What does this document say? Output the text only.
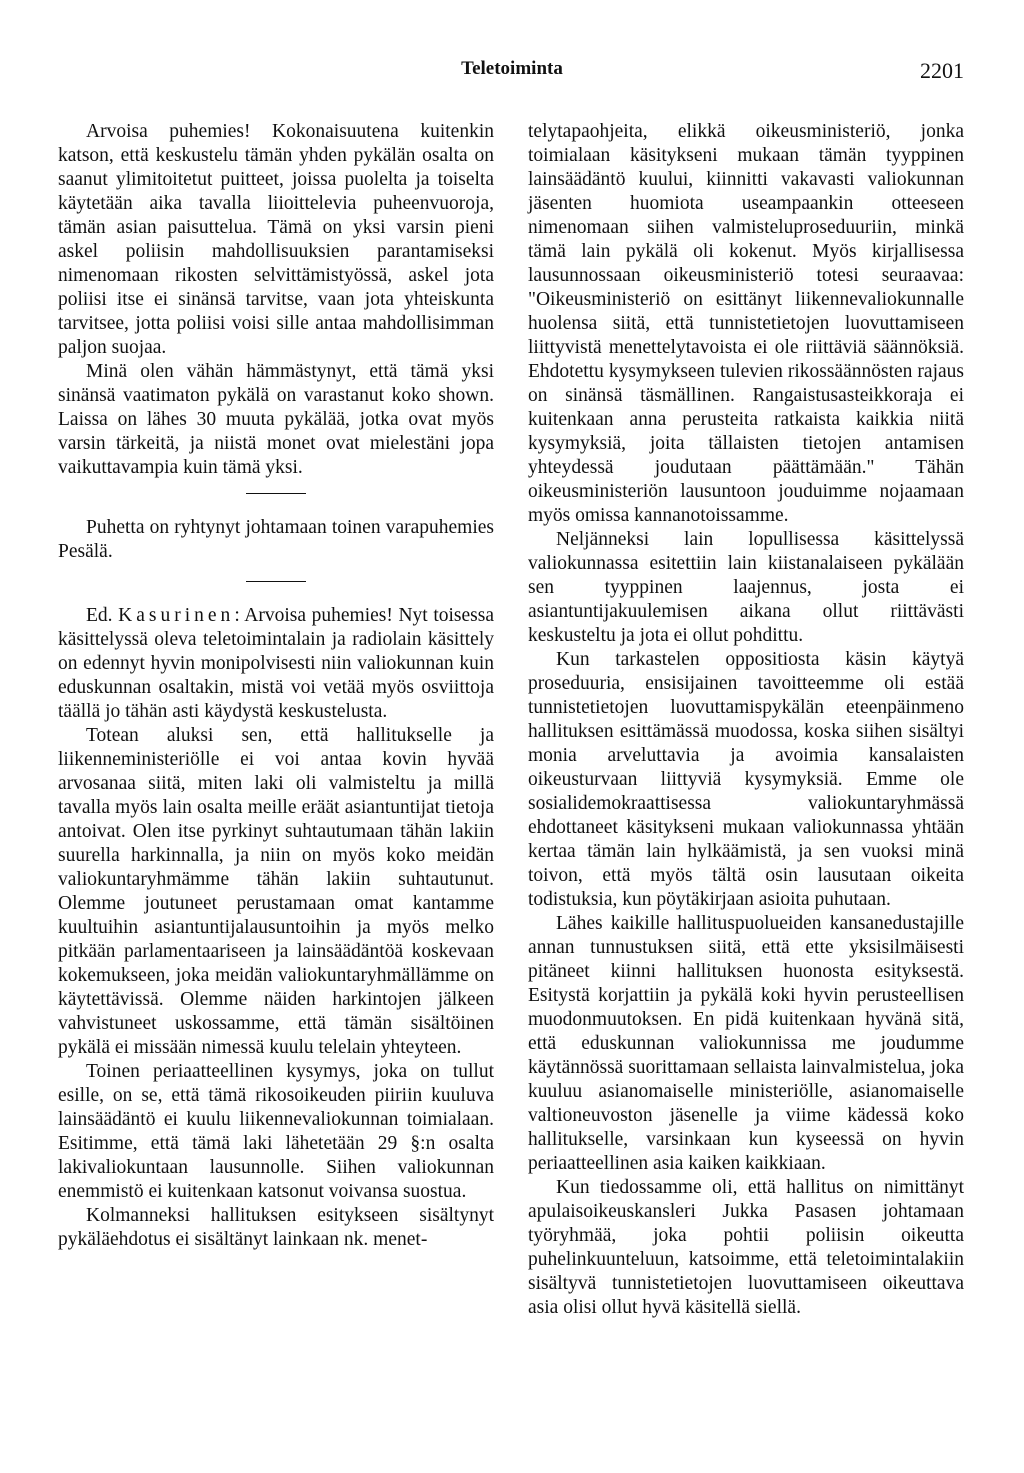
Teletoiminta	2201

Arvoisa puhemies! Kokonaisuutena kuitenkin katson, että keskustelu tämän yhden pykälän osalta on saanut ylimitoitetut puitteet, joissa puolelta ja toiselta käytetään aika tavalla liioittelevia puheenvuoroja, tämän asian paisuttelua. Tämä on yksi varsin pieni askel poliisin mahdollisuuksien parantamiseksi nimenomaan rikosten selvittämistyössä, askel jota poliisi itse ei sinänsä tarvitse, vaan jota yhteiskunta tarvitsee, jotta poliisi voisi sille antaa mahdollisimman paljon suojaa.

Minä olen vähän hämmästynyt, että tämä yksi sinänsä vaatimaton pykälä on varastanut koko shown. Laissa on lähes 30 muuta pykälää, jotka ovat myös varsin tärkeitä, ja niistä monet ovat mielestäni jopa vaikuttavampia kuin tämä yksi.

Puhetta on ryhtynyt johtamaan toinen varapuhemies Pesälä.

Ed. Kasurinen: Arvoisa puhemies! Nyt toisessa käsittelyssä oleva teletoimintalain ja radiolain käsittely on edennyt hyvin monipolvisesti niin valiokunnan kuin eduskunnan osaltakin, mistä voi vetää myös osviittoja täällä jo tähän asti käydystä keskustelusta.

Totean aluksi sen, että hallitukselle ja liikenneministeriölle ei voi antaa kovin hyvää arvosanaa siitä, miten laki oli valmisteltu ja millä tavalla myös lain osalta meille eräät asiantuntijat tietoja antoivat. Olen itse pyrkinyt suhtautumaan tähän lakiin suurella harkinnalla, ja niin on myös koko meidän valiokuntaryhmämme tähän lakiin suhtautunut. Olemme joutuneet perustamaan omat kantamme kuultuihin asiantuntijalausuntoihin ja myös melko pitkään parlamentaariseen ja lainsäädäntöä koskevaan kokemukseen, joka meidän valiokuntaryhmällämme on käytettävissä. Olemme näiden harkintojen jälkeen vahvistuneet uskossamme, että tämän sisältöinen pykälä ei missään nimessä kuulu telelain yhteyteen.

Toinen periaatteellinen kysymys, joka on tullut esille, on se, että tämä rikosoikeuden piiriin kuuluva lainsäädäntö ei kuulu liikennevaliokunnan toimialaan. Esitimme, että tämä laki lähetetään 29 §:n osalta lakivaliokuntaan lausunnolle. Siihen valiokunnan enemmistö ei kuitenkaan katsonut voivansa suostua.

Kolmanneksi hallituksen esitykseen sisältynyt pykäläehdotus ei sisältänyt lainkaan nk. menet-

telytapaohjeita, elikkä oikeusministeriö, jonka toimialaan käsitykseni mukaan tämän tyyppinen lainsäädäntö kuului, kiinnitti vakavasti valiokunnan jäsenten huomiota useampaankin otteeseen nimenomaan siihen valmisteluproseduuriin, minkä tämä lain pykälä oli kokenut. Myös kirjallisessa lausunnossaan oikeusministeriö totesi seuraavaa: "Oikeusministeriö on esittänyt liikennevaliokunnalle huolensa siitä, että tunnistetietojen luovuttamiseen liittyvistä menettelytavoista ei ole riittäviä säännöksiä. Ehdotettu kysymykseen tulevien rikossäännösten rajaus on sinänsä täsmällinen. Rangaistusasteikkoraja ei kuitenkaan anna perusteita ratkaista kaikkia niitä kysymyksiä, joita tällaisten tietojen antamisen yhteydessä joudutaan päättämään." Tähän oikeusministeriön lausuntoon jouduimme nojaamaan myös omissa kannanotoissamme.

Neljänneksi lain lopullisessa käsittelyssä valiokunnassa esitettiin lain kiistanalaiseen pykälään sen tyyppinen laajennus, josta ei asiantuntijakuulemisen aikana ollut riittävästi keskusteltu ja jota ei ollut pohdittu.

Kun tarkastelen oppositiosta käsin käytyä proseduuria, ensisijainen tavoitteemme oli estää tunnistetietojen luovuttamispykälän eteenpäinmeno hallituksen esittämässä muodossa, koska siihen sisältyi monia arveluttavia ja avoimia kansalaisten oikeusturvaan liittyviä kysymyksiä. Emme ole sosialidemokraattisessa valiokuntaryhmässä ehdottaneet käsitykseni mukaan valiokunnassa yhtään kertaa tämän lain hylkäämistä, ja sen vuoksi minä toivon, että myös tältä osin lausutaan oikeita todistuksia, kun pöytäkirjaan asioita puhutaan.

Lähes kaikille hallituspuolueiden kansanedustajille annan tunnustuksen siitä, että ette yksisilmäisesti pitäneet kiinni hallituksen huonosta esityksestä. Esitystä korjattiin ja pykälä koki hyvin perusteellisen muodonmuutoksen. En pidä kuitenkaan hyvänä sitä, että eduskunnan valiokunnissa me joudumme käytännössä suorittamaan sellaista lainvalmistelua, joka kuuluu asianomaiselle ministeriölle, asianomaiselle valtioneuvoston jäsenelle ja viime kädessä koko hallitukselle, varsinkaan kun kyseessä on hyvin periaatteellinen asia kaiken kaikkiaan.

Kun tiedossamme oli, että hallitus on nimittänyt apulaisoikeuskansleri Jukka Pasasen johtamaan työryhmää, joka pohtii poliisin oikeutta puhelinkuunteluun, katsoimme, että teletoimintalakiin sisältyvä tunnistetietojen luovuttamiseen oikeuttava asia olisi ollut hyvä käsitellä siellä.
